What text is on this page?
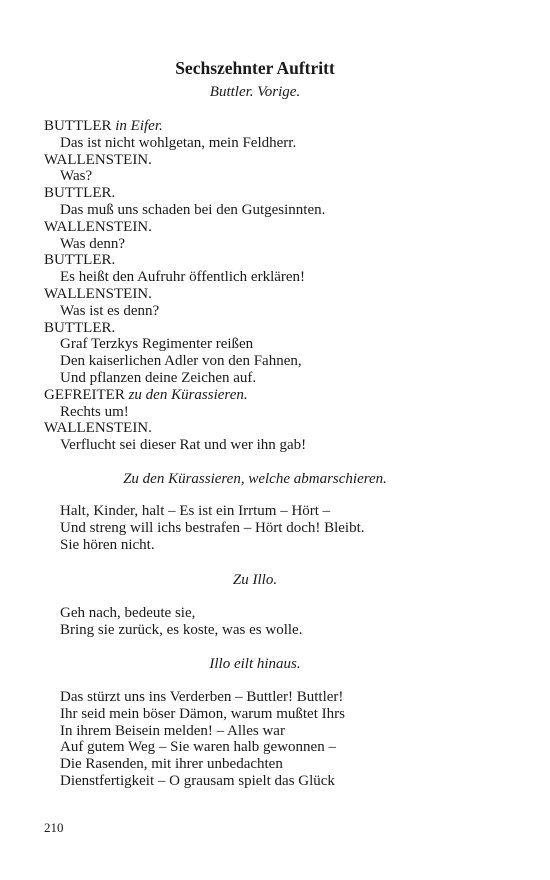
Sechszehnter Auftritt
Buttler. Vorige.
BUTTLER in Eifer.
Das ist nicht wohlgetan, mein Feldherr.
WALLENSTEIN.
Was?
BUTTLER.
Das muß uns schaden bei den Gutgesinnten.
WALLENSTEIN.
Was denn?
BUTTLER.
Es heißt den Aufruhr öffentlich erklären!
WALLENSTEIN.
Was ist es denn?
BUTTLER.
Graf Terzkys Regimenter reißen
Den kaiserlichen Adler von den Fahnen,
Und pflanzen deine Zeichen auf.
GEFREITER zu den Kürassieren.
Rechts um!
WALLENSTEIN.
Verflucht sei dieser Rat und wer ihn gab!
Zu den Kürassieren, welche abmarschieren.
Halt, Kinder, halt – Es ist ein Irrtum – Hört –
Und streng will ichs bestrafen – Hört doch! Bleibt.
Sie hören nicht.
Zu Illo.
Geh nach, bedeute sie,
Bring sie zurück, es koste, was es wolle.
Illo eilt hinaus.
Das stürzt uns ins Verderben – Buttler! Buttler!
Ihr seid mein böser Dämon, warum mußtet Ihrs
In ihrem Beisein melden! – Alles war
Auf gutem Weg – Sie waren halb gewonnen –
Die Rasenden, mit ihrer unbedachten
Dienstfertigkeit – O grausam spielt das Glück
210
